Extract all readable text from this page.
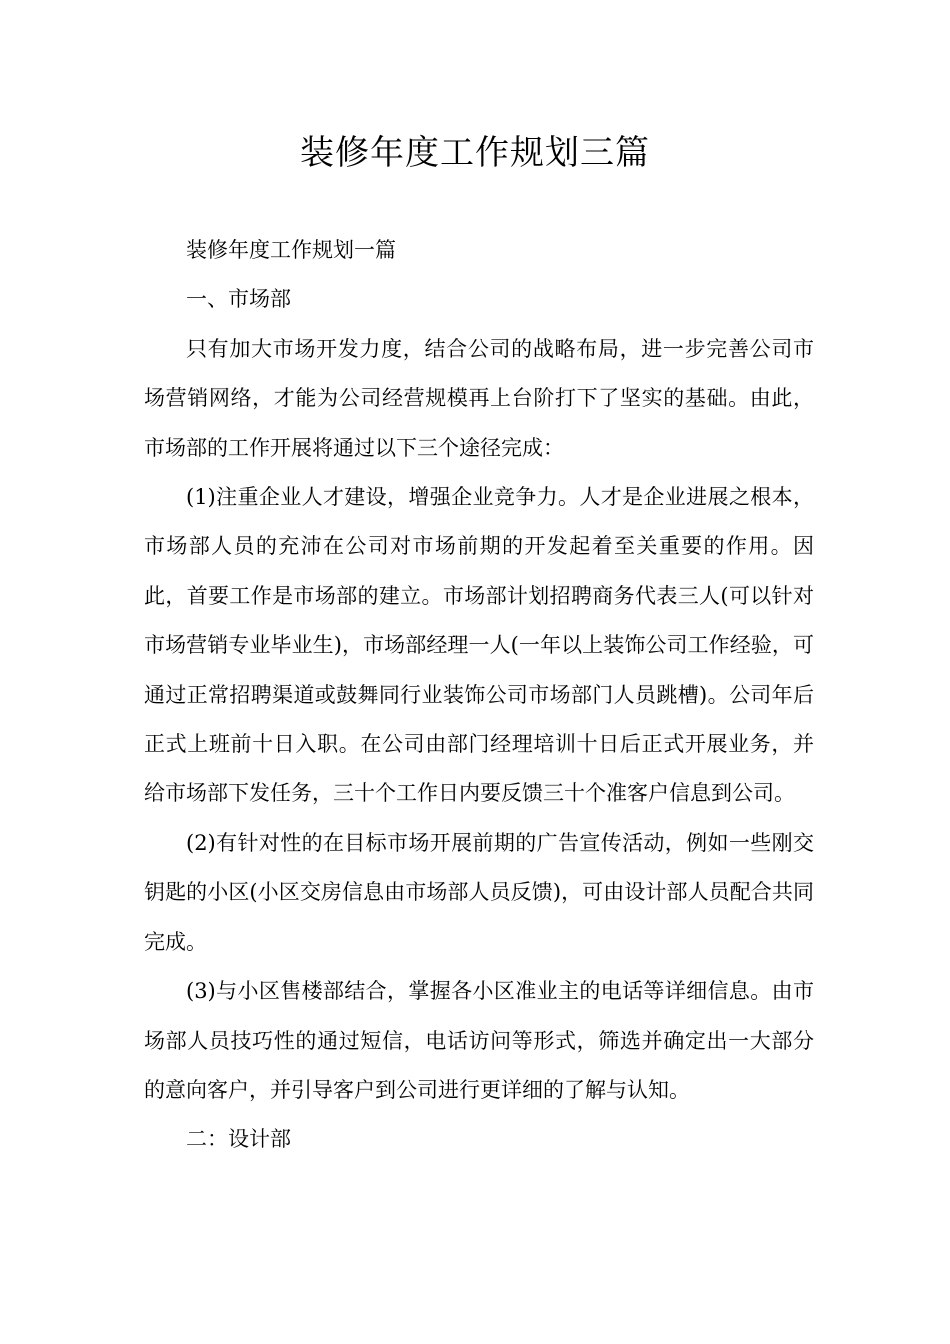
装修年度工作规划三篇

装修年度工作规划一篇

一、市场部

只有加大市场开发力度，结合公司的战略布局，进一步完善公司市场营销网络，才能为公司经营规模再上台阶打下了坚实的基础。由此，市场部的工作开展将通过以下三个途径完成：

(1)注重企业人才建设，增强企业竞争力。人才是企业进展之根本，市场部人员的充沛在公司对市场前期的开发起着至关重要的作用。因此，首要工作是市场部的建立。市场部计划招聘商务代表三人(可以针对市场营销专业毕业生)，市场部经理一人(一年以上装饰公司工作经验，可通过正常招聘渠道或鼓舞同行业装饰公司市场部门人员跳槽)。公司年后正式上班前十日入职。在公司由部门经理培训十日后正式开展业务，并给市场部下发任务，三十个工作日内要反馈三十个准客户信息到公司。

(2)有针对性的在目标市场开展前期的广告宣传活动，例如一些刚交钥匙的小区(小区交房信息由市场部人员反馈)，可由设计部人员配合共同完成。

(3)与小区售楼部结合，掌握各小区准业主的电话等详细信息。由市场部人员技巧性的通过短信，电话访问等形式，筛选并确定出一大部分的意向客户，并引导客户到公司进行更详细的了解与认知。

二：设计部
